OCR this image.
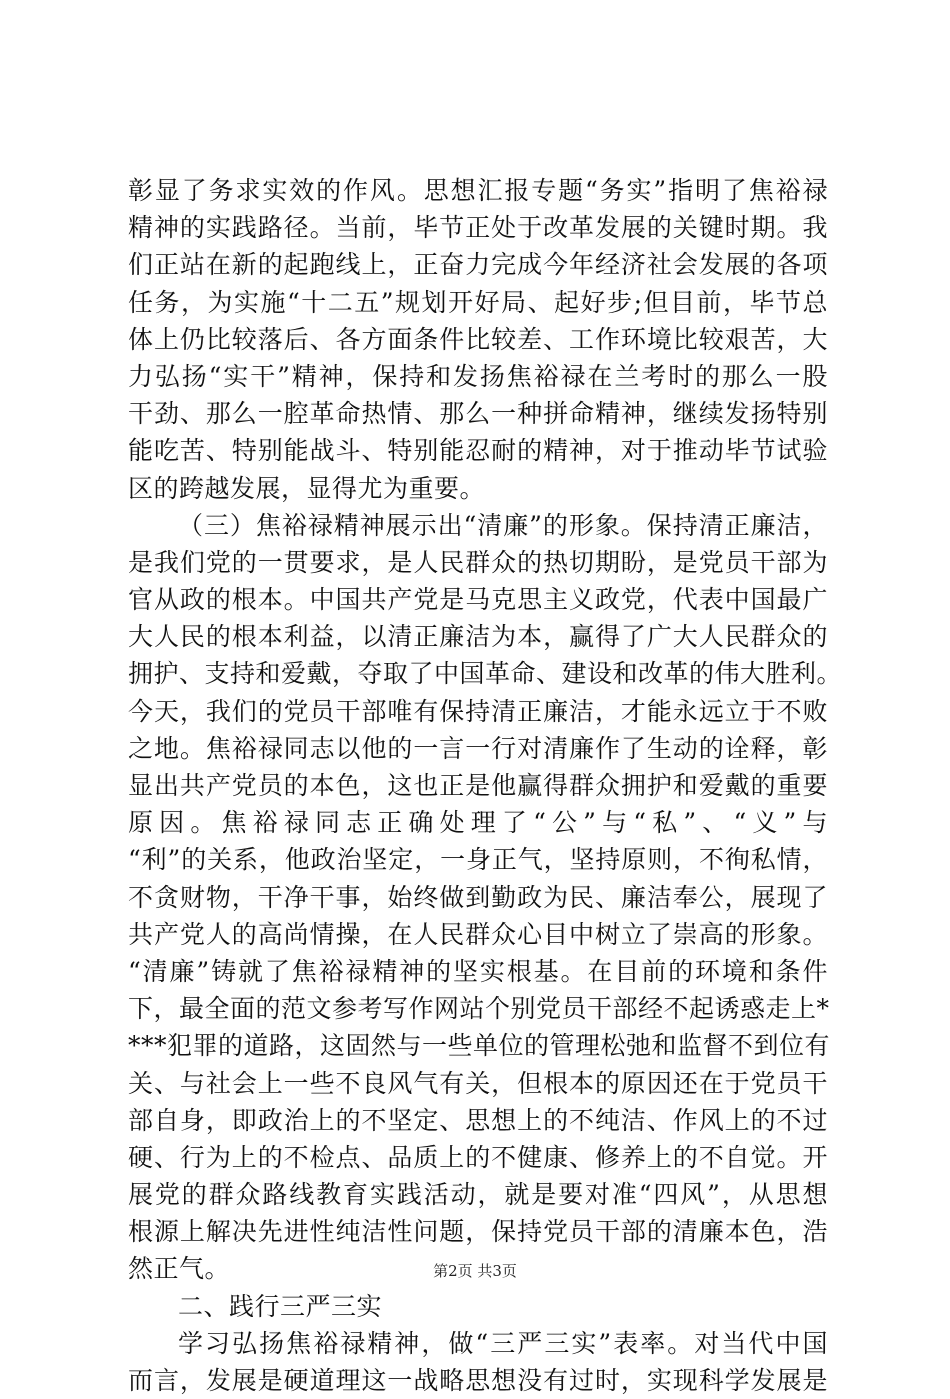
彰显了务求实效的作风。思想汇报专题“务实”指明了焦裕禄
精神的实践路径。当前，毕节正处于改革发展的关键时期。我
们正站在新的起跑线上，正奋力完成今年经济社会发展的各项
任务，为实施“十二五”规划开好局、起好步;但目前，毕节总
体上仍比较落后、各方面条件比较差、工作环境比较艰苦，大
力弘扬“实干”精神，保持和发扬焦裕禄在兰考时的那么一股
干劲、那么一腔革命热情、那么一种拼命精神，继续发扬特别
能吃苦、特别能战斗、特别能忍耐的精神，对于推动毕节试验
区的跨越发展，显得尤为重要。
（三）焦裕禄精神展示出“清廉”的形象。保持清正廉洁，
是我们党的一贯要求，是人民群众的热切期盼，是党员干部为
官从政的根本。中国共产党是马克思主义政党，代表中国最广
大人民的根本利益，以清正廉洁为本，赢得了广大人民群众的
拥护、支持和爱戴，夺取了中国革命、建设和改革的伟大胜利。
今天，我们的党员干部唯有保持清正廉洁，才能永远立于不败
之地。焦裕禄同志以他的一言一行对清廉作了生动的诠释，彰
显出共产党员的本色，这也正是他赢得群众拥护和爱戴的重要
原因。焦裕禄同志正确处理了“公”与“私”、“义”与
“利”的关系，他政治坚定，一身正气，坚持原则，不徇私情，
不贪财物，干净干事，始终做到勤政为民、廉洁奉公，展现了
共产党人的高尚情操，在人民群众心目中树立了崇高的形象。
“清廉”铸就了焦裕禄精神的坚实根基。在目前的环境和条件
下，最全面的范文参考写作网站个别党员干部经不起诱惑走上*
***犯罪的道路，这固然与一些单位的管理松弛和监督不到位有
关、与社会上一些不良风气有关，但根本的原因还在于党员干
部自身，即政治上的不坚定、思想上的不纯洁、作风上的不过
硬、行为上的不检点、品质上的不健康、修养上的不自觉。开
展党的群众路线教育实践活动，就是要对准“四风”，从思想
根源上解决先进性纯洁性问题，保持党员干部的清廉本色，浩
然正气。
二、践行三严三实
学习弘扬焦裕禄精神，做“三严三实”表率。对当代中国
而言，发展是硬道理这一战略思想没有过时，实现科学发展是
第2页 共3页
